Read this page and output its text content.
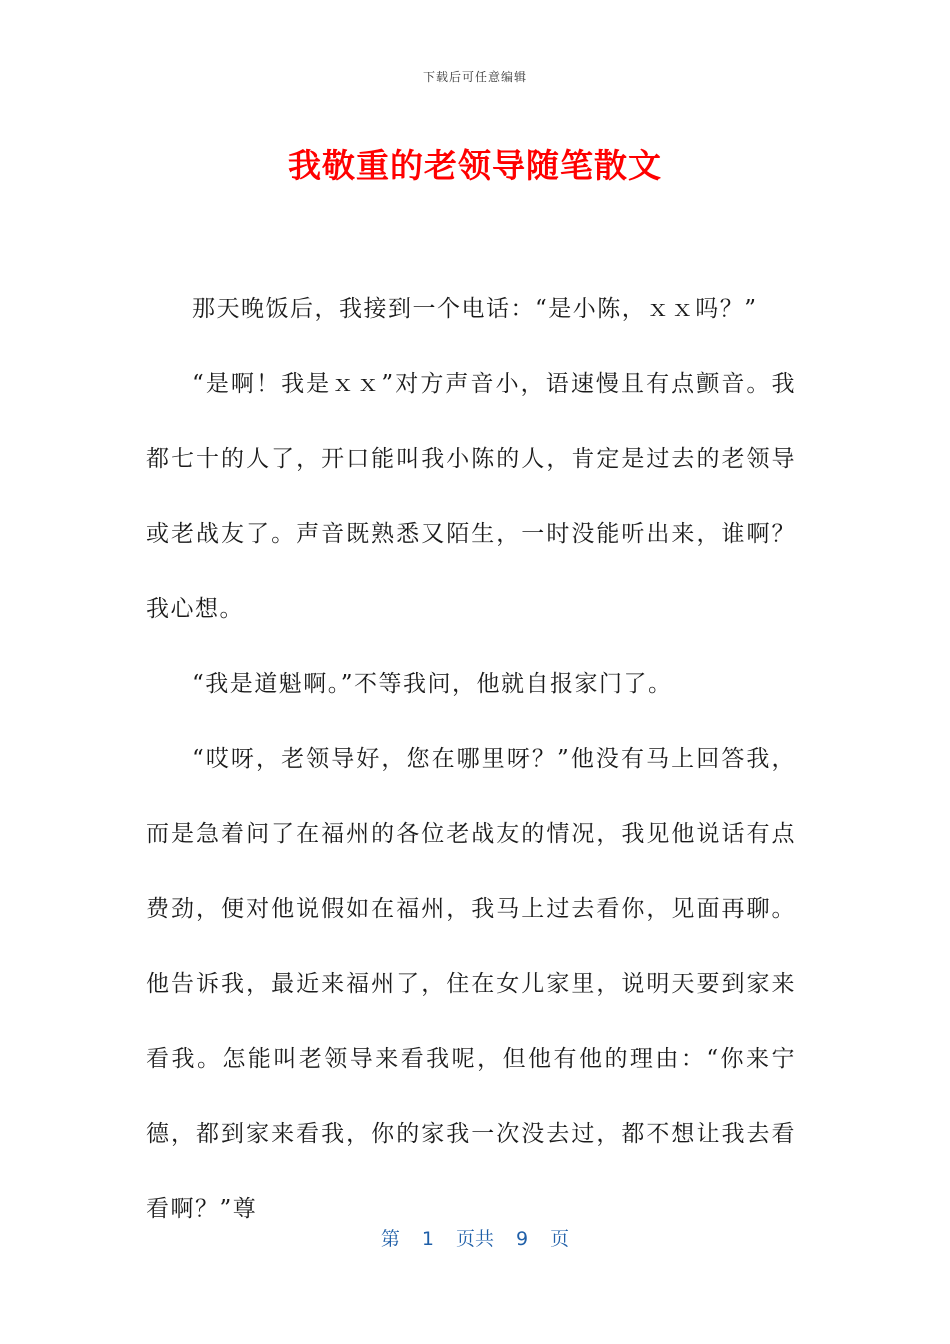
下载后可任意编辑
我敬重的老领导随笔散文

那天晚饭后，我接到一个电话：“是小陈，ｘｘ吗？”

“是啊！我是ｘｘ”对方声音小，语速慢且有点颤音。我都七十的人了，开口能叫我小陈的人，肯定是过去的老领导或老战友了。声音既熟悉又陌生，一时没能听出来，谁啊？我心想。

“我是道魁啊。”不等我问，他就自报家门了。

“哎呀，老领导好，您在哪里呀？”他没有马上回答我，而是急着问了在福州的各位老战友的情况，我见他说话有点费劲，便对他说假如在福州，我马上过去看你，见面再聊。他告诉我，最近来福州了，住在女儿家里，说明天要到家来看我。怎能叫老领导来看我呢，但他有他的理由：“你来宁德，都到家来看我，你的家我一次没去过，都不想让我去看看啊？”尊

第 1 页共 9 页
